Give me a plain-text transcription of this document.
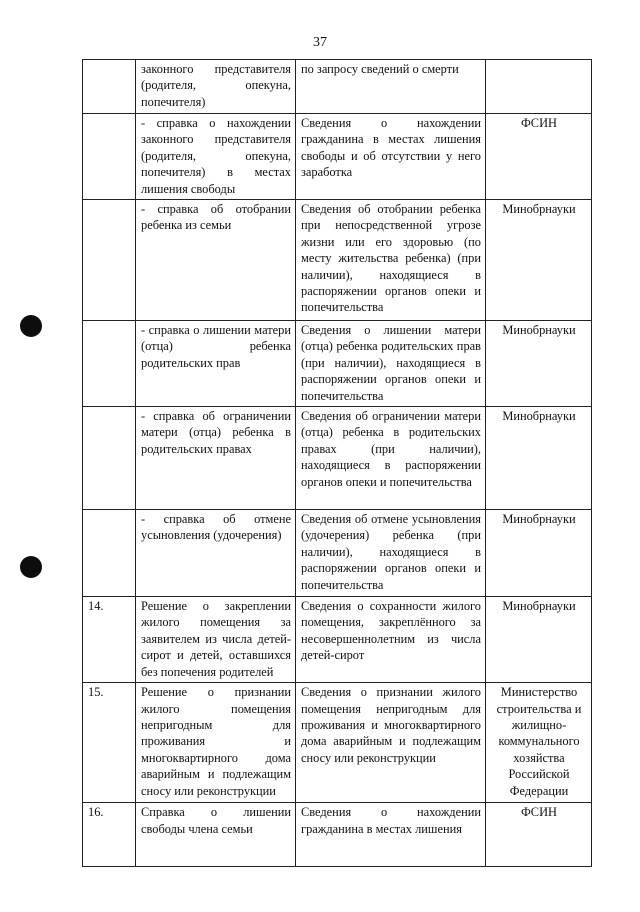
37
	законного представителя (родителя, опекуна, попечителя)	по запросу сведений о смерти	
	- справка о нахождении законного представителя (родителя, опекуна, попечителя) в местах лишения свободы	Сведения о нахождении гражданина в местах лишения свободы и об отсутствии у него заработка	ФСИН
	- справка об отобрании ребенка из семьи	Сведения об отобрании ребенка при непосредственной угрозе жизни или его здоровью (по месту жительства ребенка) (при наличии), находящиеся в распоряжении органов опеки и попечительства	Минобрнауки
	- справка о лишении матери (отца) ребенка родительских прав	Сведения о лишении матери (отца) ребенка родительских прав (при наличии), находящиеся в распоряжении органов опеки и попечительства	Минобрнауки
	- справка об ограничении матери (отца) ребенка в родительских правах	Сведения об ограничении матери (отца) ребенка в родительских правах (при наличии), находящиеся в распоряжении органов опеки и попечительства	Минобрнауки
	- справка об отмене усыновления (удочерения)	Сведения об отмене усыновления (удочерения) ребенка (при наличии), находящиеся в распоряжении органов опеки и попечительства	Минобрнауки
14.	Решение о закреплении жилого помещения за заявителем из числа детей-сирот и детей, оставшихся без попечения родителей	Сведения о сохранности жилого помещения, закреплённого за несовершеннолетним из числа детей-сирот	Минобрнауки
15.	Решение о признании жилого помещения непригодным для проживания и многоквартирного дома аварийным и подлежащим сносу или реконструкции	Сведения о признании жилого помещения непригодным для проживания и многоквартирного дома аварийным и подлежащим сносу или реконструкции	Министерство строительства и жилищно-коммунального хозяйства Российской Федерации
16.	Справка о лишении свободы члена семьи	Сведения о нахождении гражданина в местах лишения	ФСИН
